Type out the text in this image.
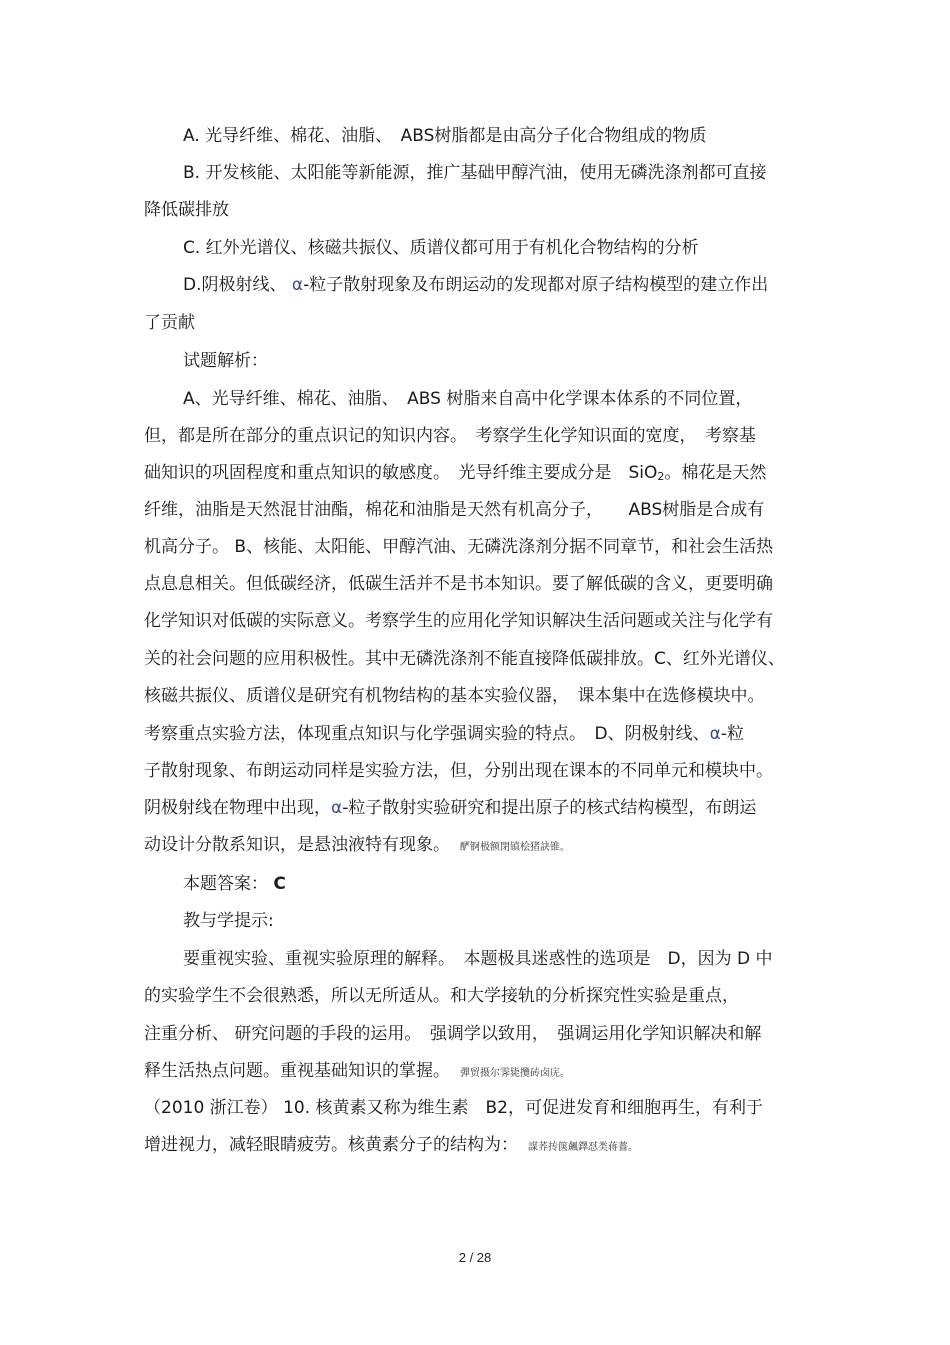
A. 光导纤维、棉花、油脂、　ABS树脂都是由高分子化合物组成的物质
B. 开发核能、太阳能等新能源，推广基础甲醇汽油，使用无磷洗涤剂都可直接
降低碳排放
C. 红外光谱仪、核磁共振仪、质谱仪都可用于有机化合物结构的分析
D.阴极射线、 α-粒子散射现象及布朗运动的发现都对原子结构模型的建立作出
了贡献
试题解析：
A、光导纤维、棉花、油脂、　ABS 树脂来自高中化学课本体系的不同位置，
但，都是所在部分的重点识记的知识内容。　考察学生化学知识面的宽度，　考察基
础知识的巩固程度和重点知识的敏感度。　光导纤维主要成分是　SiO2。棉花是天然
纤维，油脂是天然混甘油酯，棉花和油脂是天然有机高分子，　　ABS树脂是合成有
机高分子。 B、核能、太阳能、甲醇汽油、无磷洗涤剂分据不同章节，和社会生活热
点息息相关。但低碳经济，低碳生活并不是书本知识。要了解低碳的含义，更要明确
化学知识对低碳的实际意义。考察学生的应用化学知识解决生活问题或关注与化学有
关的社会问题的应用积极性。其中无磷洗涤剂不能直接降低碳排放。C、红外光谱仪、
核磁共振仪、质谱仪是研究有机物结构的基本实验仪器，　课本集中在选修模块中。
考察重点实验方法，体现重点知识与化学强调实验的特点。　D、阴极射线、α-粒
子散射现象、布朗运动同样是实验方法，但，分别出现在课本的不同单元和模块中。
阴极射线在物理中出现，α-粒子散射实验研究和提出原子的核式结构模型，布朗运
动设计分散系知识，是悬浊液特有现象。 酽锕极额閉镇桧猪訣锥。
本题答案： C
教与学提示:
要重视实验、重视实验原理的解释。　本题极具迷惑性的选项是　D，因为 D 中
的实验学生不会很熟悉，所以无所适从。和大学接轨的分析探究性实验是重点，
注重分析、 研究问题的手段的运用。　强调学以致用，　强调运用化学知识解决和解
释生活热点问题。重视基础知识的掌握。 彈贸摄尔霁毙攬砖卤庑。
（2010 浙江卷） 10. 核黄素又称为维生素　B2，可促进发育和细胞再生，有利于
增进视力，减轻眼睛疲劳。核黄素分子的结构为： 謀荞抟箧飆鐸怼类蒋薔。
2 / 28
